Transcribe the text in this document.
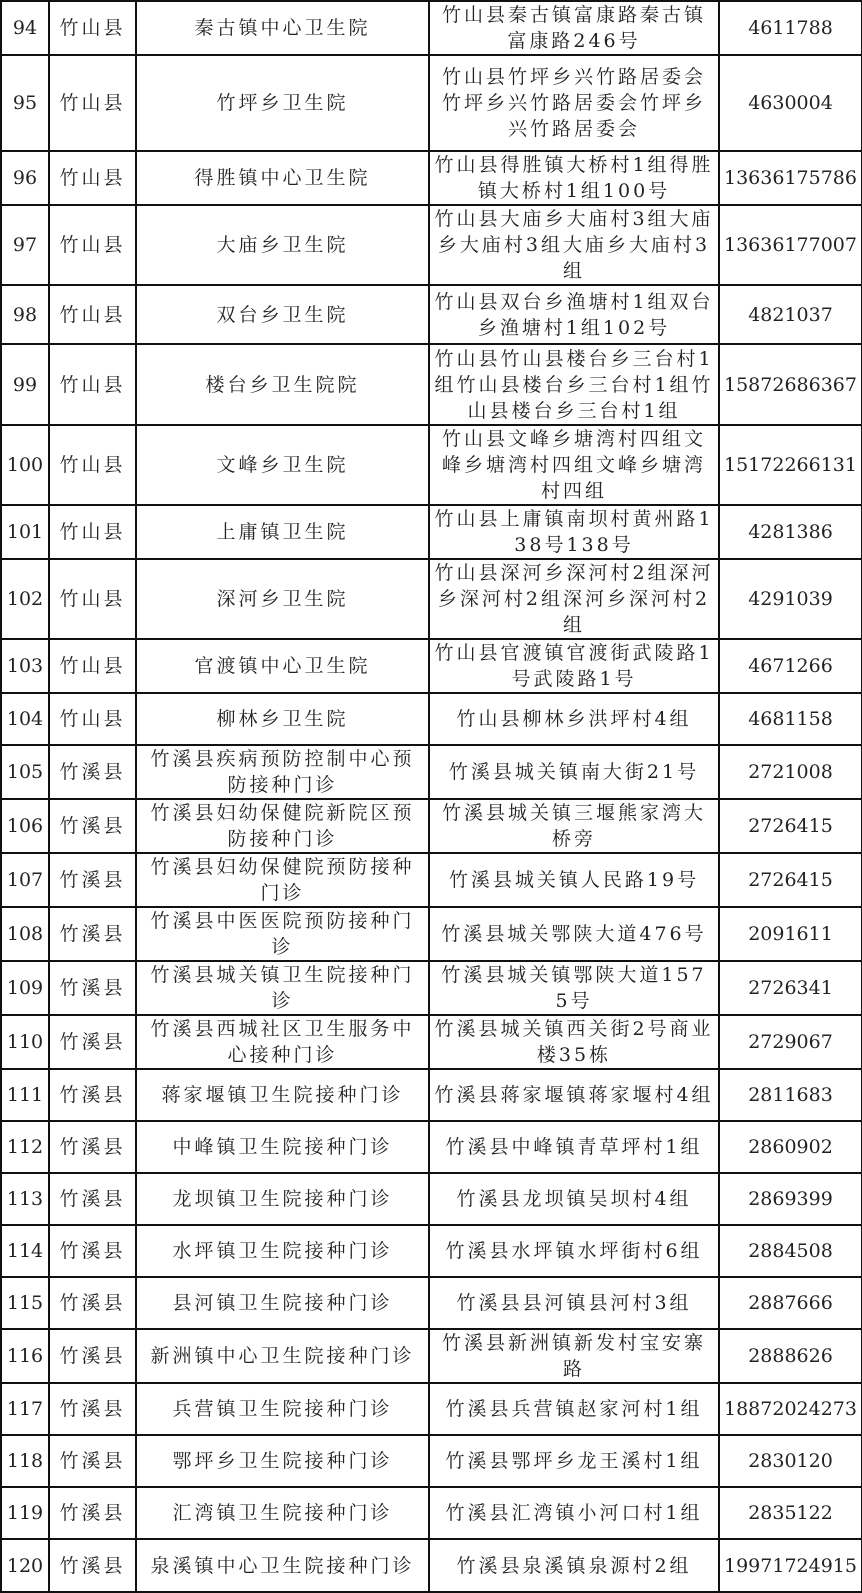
94	竹山县	秦古镇中心卫生院	竹山县秦古镇富康路秦古镇富康路246号	4611788
95	竹山县	竹坪乡卫生院	竹山县竹坪乡兴竹路居委会竹坪乡兴竹路居委会竹坪乡兴竹路居委会	4630004
96	竹山县	得胜镇中心卫生院	竹山县得胜镇大桥村1组得胜镇大桥村1组100号	13636175786
97	竹山县	大庙乡卫生院	竹山县大庙乡大庙村3组大庙乡大庙村3组大庙乡大庙村3组	13636177007
98	竹山县	双台乡卫生院	竹山县双台乡渔塘村1组双台乡渔塘村1组102号	4821037
99	竹山县	楼台乡卫生院院	竹山县竹山县楼台乡三台村1组竹山县楼台乡三台村1组竹山县楼台乡三台村1组	15872686367
100	竹山县	文峰乡卫生院	竹山县文峰乡塘湾村四组文峰乡塘湾村四组文峰乡塘湾村四组	15172266131
101	竹山县	上庸镇卫生院	竹山县上庸镇南坝村黄州路138号138号	4281386
102	竹山县	深河乡卫生院	竹山县深河乡深河村2组深河乡深河村2组深河乡深河村2组	4291039
103	竹山县	官渡镇中心卫生院	竹山县官渡镇官渡街武陵路1号武陵路1号	4671266
104	竹山县	柳林乡卫生院	竹山县柳林乡洪坪村4组	4681158
105	竹溪县	竹溪县疾病预防控制中心预防接种门诊	竹溪县城关镇南大街21号	2721008
106	竹溪县	竹溪县妇幼保健院新院区预防接种门诊	竹溪县城关镇三堰熊家湾大桥旁	2726415
107	竹溪县	竹溪县妇幼保健院预防接种门诊	竹溪县城关镇人民路19号	2726415
108	竹溪县	竹溪县中医医院预防接种门诊	竹溪县城关鄂陕大道476号	2091611
109	竹溪县	竹溪县城关镇卫生院接种门诊	竹溪县城关镇鄂陕大道1575号	2726341
110	竹溪县	竹溪县西城社区卫生服务中心接种门诊	竹溪县城关镇西关街2号商业楼35栋	2729067
111	竹溪县	蒋家堰镇卫生院接种门诊	竹溪县蒋家堰镇蒋家堰村4组	2811683
112	竹溪县	中峰镇卫生院接种门诊	竹溪县中峰镇青草坪村1组	2860902
113	竹溪县	龙坝镇卫生院接种门诊	竹溪县龙坝镇吴坝村4组	2869399
114	竹溪县	水坪镇卫生院接种门诊	竹溪县水坪镇水坪街村6组	2884508
115	竹溪县	县河镇卫生院接种门诊	竹溪县县河镇县河村3组	2887666
116	竹溪县	新洲镇中心卫生院接种门诊	竹溪县新洲镇新发村宝安寨路	2888626
117	竹溪县	兵营镇卫生院接种门诊	竹溪县兵营镇赵家河村1组	18872024273
118	竹溪县	鄂坪乡卫生院接种门诊	竹溪县鄂坪乡龙王溪村1组	2830120
119	竹溪县	汇湾镇卫生院接种门诊	竹溪县汇湾镇小河口村1组	2835122
120	竹溪县	泉溪镇中心卫生院接种门诊	竹溪县泉溪镇泉源村2组	19971724915
